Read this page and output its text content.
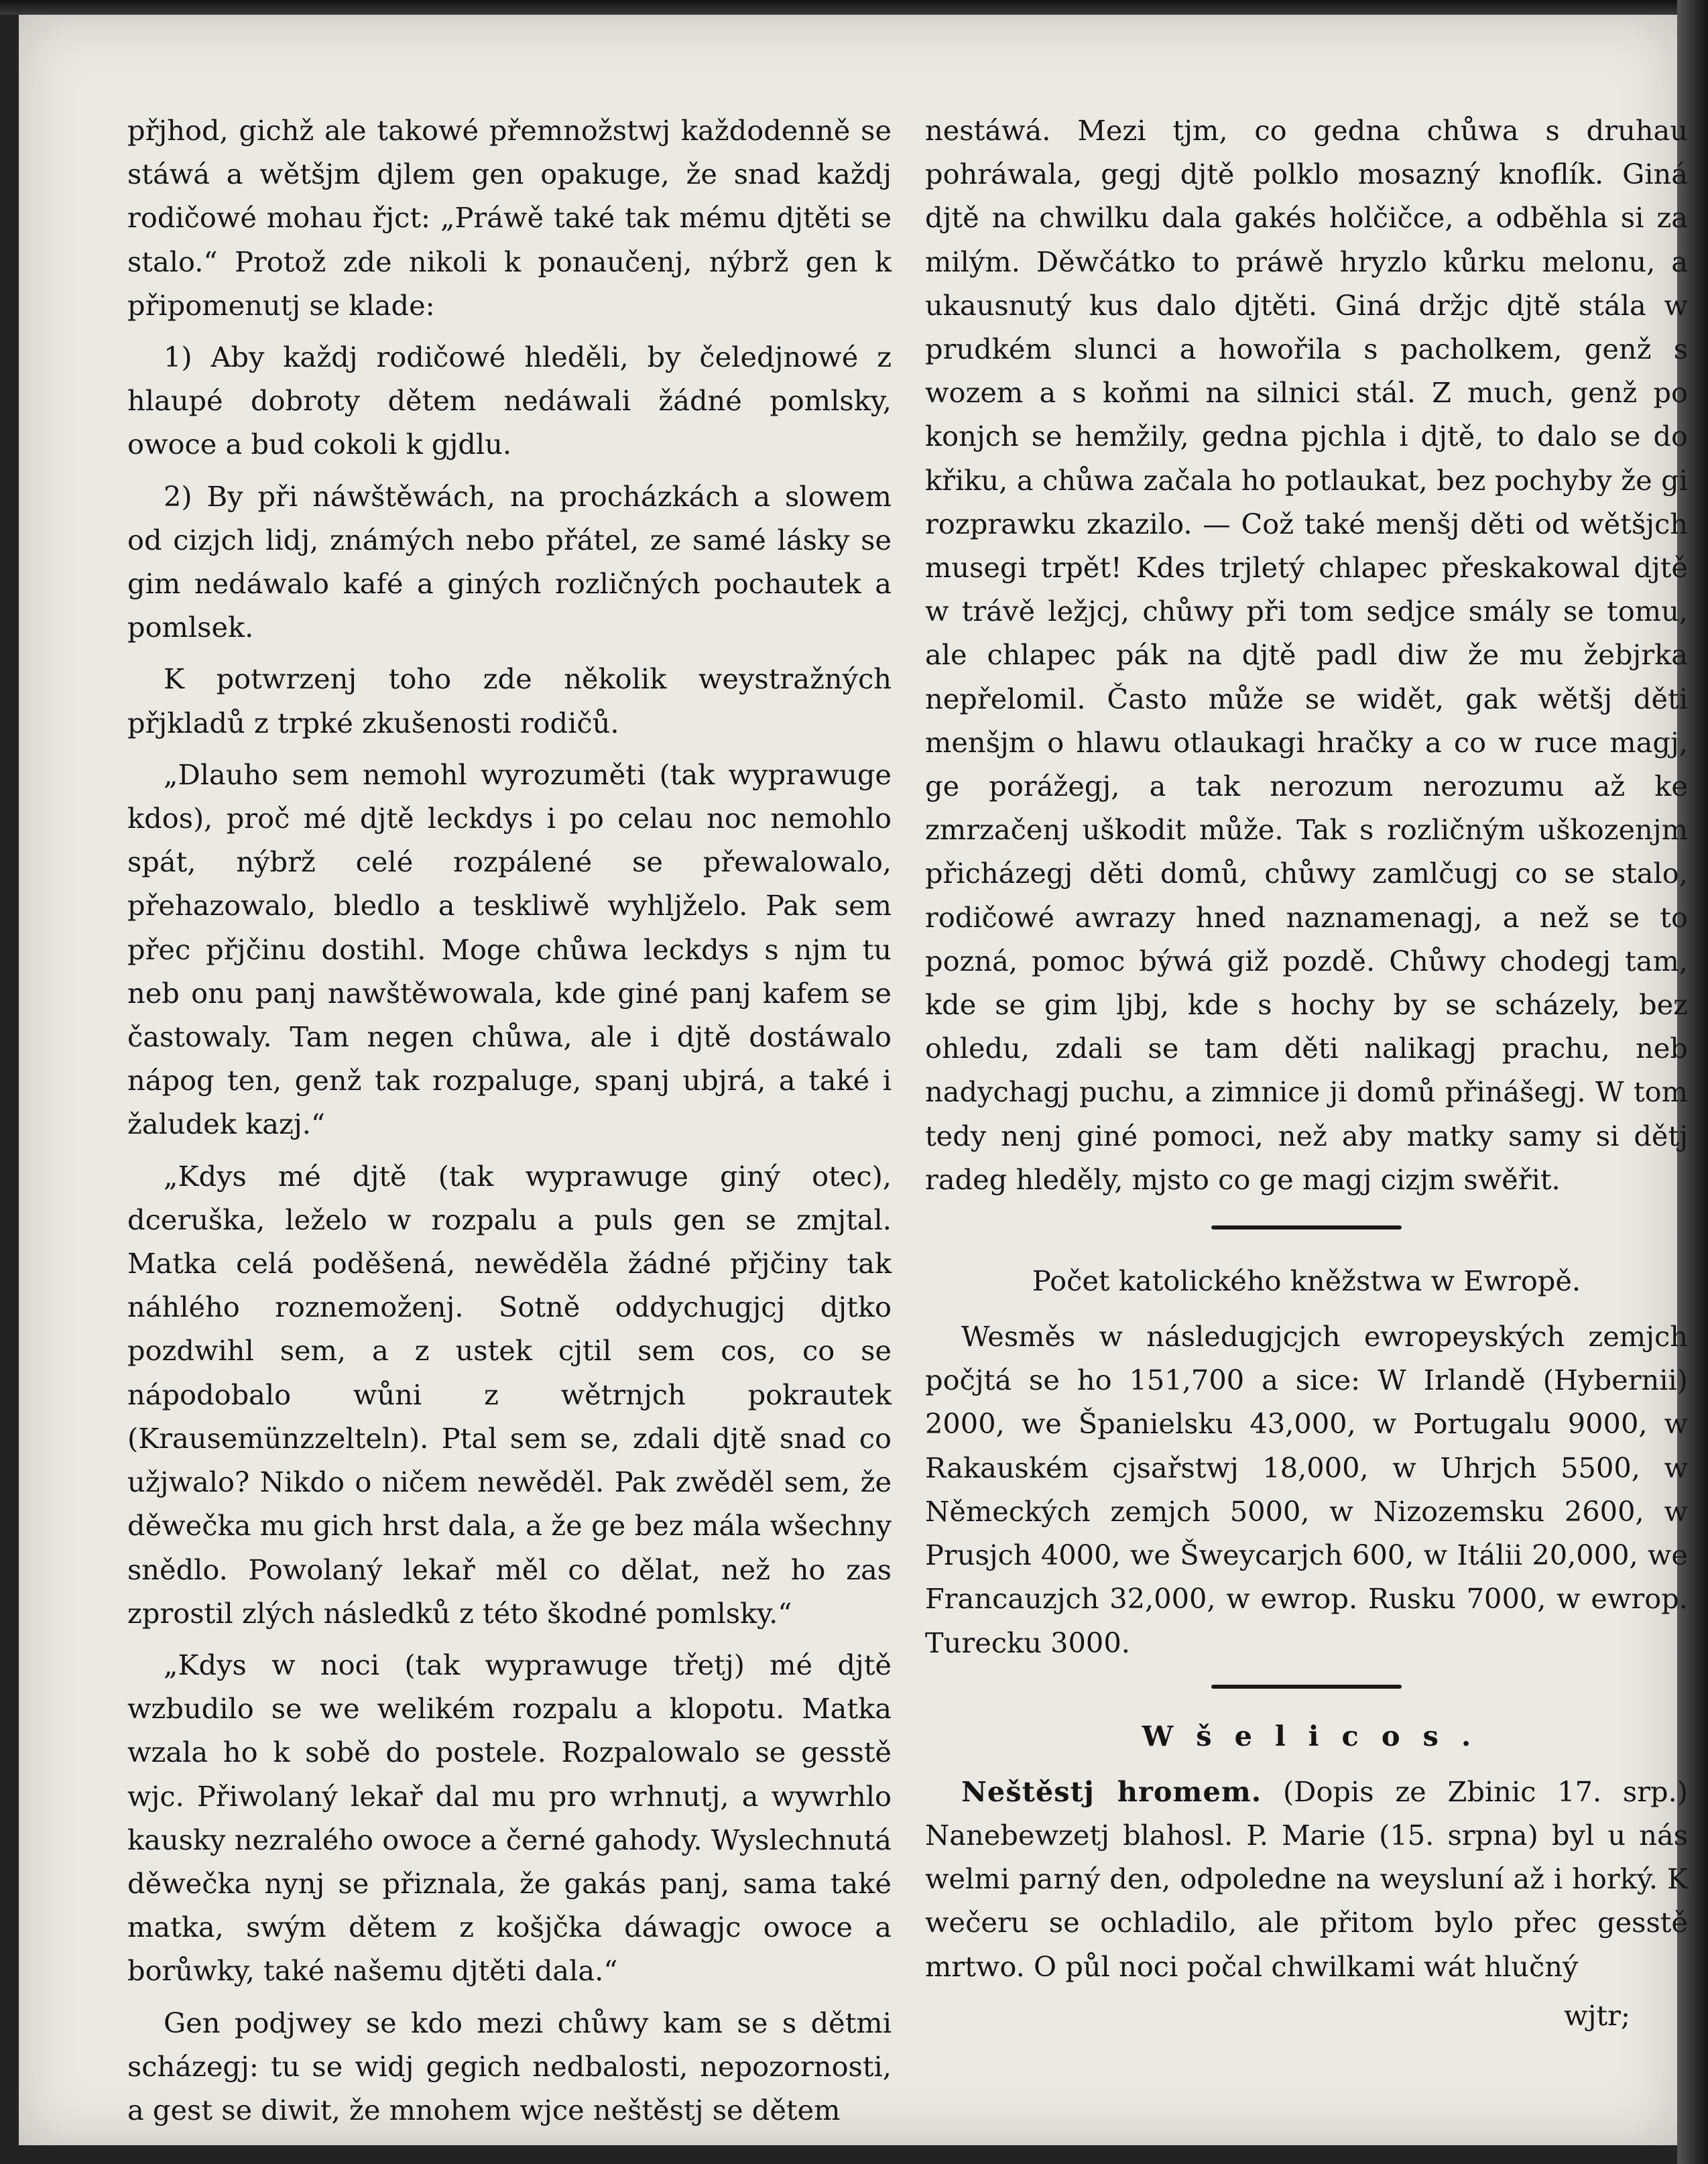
přjhod, gichž ale takowé přemnožstwj každodenně se stáwá a wětšjm djlem gen opakuge, že snad každj rodičowé mohau řjct: „Práwě také tak mému djtěti se stalo.“ Protož zde nikoli k ponaučenj, nýbrž gen k připomenutj se klade:

1) Aby každj rodičowé hleděli, by čeledjnowé z hlaupé dobroty dětem nedáwali žádné pomlsky, owoce a bud cokoli k gjdlu.

2) By při náwštěwách, na procházkách a slowem od cizjch lidj, známých nebo přátel, ze samé lásky se gim nedáwalo kafé a giných rozličných pochautek a pomlsek.

K potwrzenj toho zde několik weystražných přjkladů z trpké zkušenosti rodičů.

„Dlauho sem nemohl wyrozuměti (tak wyprawuge kdos), proč mé djtě leckdys i po celau noc nemohlo spát, nýbrž celé rozpálené se přewalowalo, přehazowalo, bledlo a teskliwě wyhljželo. Pak sem přec přjčinu dostihl. Moge chůwa leckdys s njm tu neb onu panj nawštěwowala, kde giné panj kafem se častowaly. Tam negen chůwa, ale i djtě dostáwalo nápog ten, genž tak rozpaluge, spanj ubjrá, a také i žaludek kazj.“

„Kdys mé djtě (tak wyprawuge giný otec), dceruška, leželo w rozpalu a puls gen se zmjtal. Matka celá poděšená, newěděla žádné přjčiny tak náhlého roznemoženj. Sotně oddychugjcj djtko pozdwihl sem, a z ustek cjtil sem cos, co se nápodobalo wůni z wětrnjch pokrautek (Krausemünzzelteln). Ptal sem se, zdali djtě snad co užjwalo? Nikdo o ničem newěděl. Pak zwěděl sem, že děwečka mu gich hrst dala, a že ge bez mála wšechny snědlo. Powolaný lekař měl co dělat, než ho zas zprostil zlých následků z této škodné pomlsky.“

„Kdys w noci (tak wyprawuge třetj) mé djtě wzbudilo se we welikém rozpalu a klopotu. Matka wzala ho k sobě do postele. Rozpalowalo se gesstě wjc. Přiwolaný lekař dal mu pro wrhnutj, a wywrhlo kausky nezralého owoce a černé gahody. Wyslechnutá děwečka nynj se přiznala, že gakás panj, sama také matka, swým dětem z košjčka dáwagjc owoce a borůwky, také našemu djtěti dala.“

Gen podjwey se kdo mezi chůwy kam se s dětmi scházegj: tu se widj gegich nedbalosti, nepozornosti, a gest se diwit, že mnohem wjce neštěstj se dětem

nestáwá. Mezi tjm, co gedna chůwa s druhau pohráwala, gegj djtě polklo mosazný knoflík. Giná djtě na chwilku dala gakés holčičce, a odběhla si za milým. Děwčátko to práwě hryzlo kůrku melonu, a ukausnutý kus dalo djtěti. Giná držjc djtě stála w prudkém slunci a howořila s pacholkem, genž s wozem a s koňmi na silnici stál. Z much, genž po konjch se hemžily, gedna pjchla i djtě, to dalo se do křiku, a chůwa začala ho potlaukat, bez pochyby že gi rozprawku zkazilo. — Což také menšj děti od wětšjch musegi trpět! Kdes trjletý chlapec přeskakowal djtě w trávě ležjcj, chůwy při tom sedjce smály se tomu, ale chlapec pák na djtě padl diw že mu žebjrka nepřelomil. Často může se widět, gak wětšj děti menšjm o hlawu otlaukagi hračky a co w ruce magj, ge porážegj, a tak nerozum nerozumu až ke zmrzačenj uškodit může. Tak s rozličným uškozenjm přicházegj děti domů, chůwy zamlčugj co se stalo, rodičowé awrazy hned naznamenagj, a než se to pozná, pomoc býwá giž pozdě. Chůwy chodegj tam, kde se gim ljbj, kde s hochy by se scházely, bez ohledu, zdali se tam děti nalikagj prachu, neb nadychagj puchu, a zimnice ji domů přinášegj. W tom tedy nenj giné pomoci, než aby matky samy si dětj radeg hleděly, mjsto co ge magj cizjm swěřit.

Počet katolického kněžstwa w Ewropě.

Wesměs w následugjcjch ewropeyských zemjch počjtá se ho 151,700 a sice: W Irlandě (Hybernii) 2000, we Španielsku 43,000, w Portugalu 9000, w Rakauském cjsařstwj 18,000, w Uhrjch 5500, w Německých zemjch 5000, w Nizozemsku 2600, w Prusjch 4000, we Šweycarjch 600, w Itálii 20,000, we Francauzjch 32,000, w ewrop. Rusku 7000, w ewrop. Turecku 3000.

Wšelicos.

Neštěstj hromem. (Dopis ze Zbinic 17. srp.) Nanebewzetj blahosl. P. Marie (15. srpna) byl u nás welmi parný den, odpoledne na weysluní až i horký. K wečeru se ochladilo, ale přitom bylo přec gesstě mrtwo. O půl noci počal chwilkami wát hlučný

wjtr;
